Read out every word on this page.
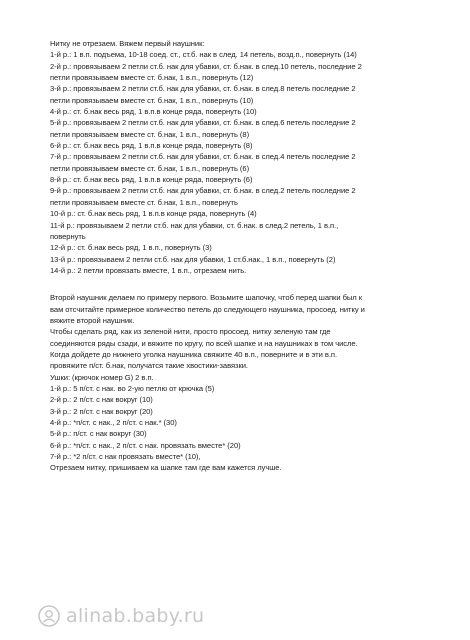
Нитку не отрезаем. Вяжем первый наушник:
1-й р.: 1 в.п. подъема, 10-18 соед. ст., ст.б. нак в след. 14 петель, возд.п., повернуть (14)
2-й р.: провязываем 2 петли ст.б. нак для убавки, ст. б.нак. в след.10 петель, последние 2
петли провязываем вместе ст. б.нак, 1 в.п., повернуть (12)
3-й р.: провязываем 2 петли ст.б. нак для убавки, ст. б.нак. в след.8 петель последние 2
петли провязываем вместе ст. б.нак, 1 в.п., повернуть (10)
4-й р.: ст. б.нак весь ряд, 1 в.п.в конце ряда, повернуть (10)
5-й р.: провязываем 2 петли ст.б. нак для убавки, ст. б.нак. в след.6 петель последние 2
петли провязываем вместе ст. б.нак, 1 в.п., повернуть (8)
6-й р.: ст. б.нак весь ряд, 1 в.п.в конце ряда, повернуть (8)
7-й р.: провязываем 2 петли ст.б. нак для убавки, ст. б.нак. в след.4 петель последние 2
петли провязываем вместе ст. б.нак, 1 в.п., повернуть (6)
8-й р.: ст. б.нак весь ряд, 1 в.п.в конце ряда, повернуть (6)
9-й р.: провязываем 2 петли ст.б. нак для убавки, ст. б.нак. в след.2 петель последние 2
петли провязываем вместе ст. б.нак, 1 в.п., повернуть
10-й р.: ст. б.нак весь ряд, 1 в.п.в конце ряда, повернуть (4)
11-й р.: провязываем 2 петли ст.б. нак для убавки, ст. б.нак. в след.2 петель, 1 в.п.,
повернуть
12-й р.: ст. б.нак весь ряд, 1 в.п., повернуть (3)
13-й р.: провязываем 2 петли ст.б. нак для убавки, 1 ст.б.нак., 1 в.п., повернуть (2)
14-й р.: 2 петли провязать вместе, 1 в.п., отрезаем нить.
Второй наушник делаем по примеру первого. Возьмите шапочку, чтоб перед шапки был к
вам отсчитайте примерное количество петель до следующего наушника, просоед. нитку и
вяжите второй наушник.
Чтобы сделать ряд, как из зеленой нити, просто просоед. нитку зеленую там где
соединяются ряды сзади, и вяжите по кругу, по всей шапке и на наушниках в том числе.
Когда дойдете до нижнего уголка наушника свяжите 40 в.п., поверните и в эти в.п.
провяжите п/ст. б.нак, получатся такие хвостики-завязки.
Ушки: (крючок номер G) 2 в.п.
1-й р.: 5 п/ст. с нак. во 2-ую петлю от крючка (5)
2-й р.: 2 п/ст. с нак вокруг (10)
3-й р.: 2 п/ст. с нак вокруг (20)
4-й р.: *п/ст. с нак., 2 п/ст. с нак.* (30)
5-й р.: п/ст. с нак вокруг (30)
6-й р.: *п/ст. с нак., 2 п/ст. с нак. провязать вместе* (20)
7-й р.: *2 п/ст. с нак провязать вместе* (10),
Отрезаем нитку, пришиваем ка шапке там где вам кажется лучше.
alinab.baby.ru
